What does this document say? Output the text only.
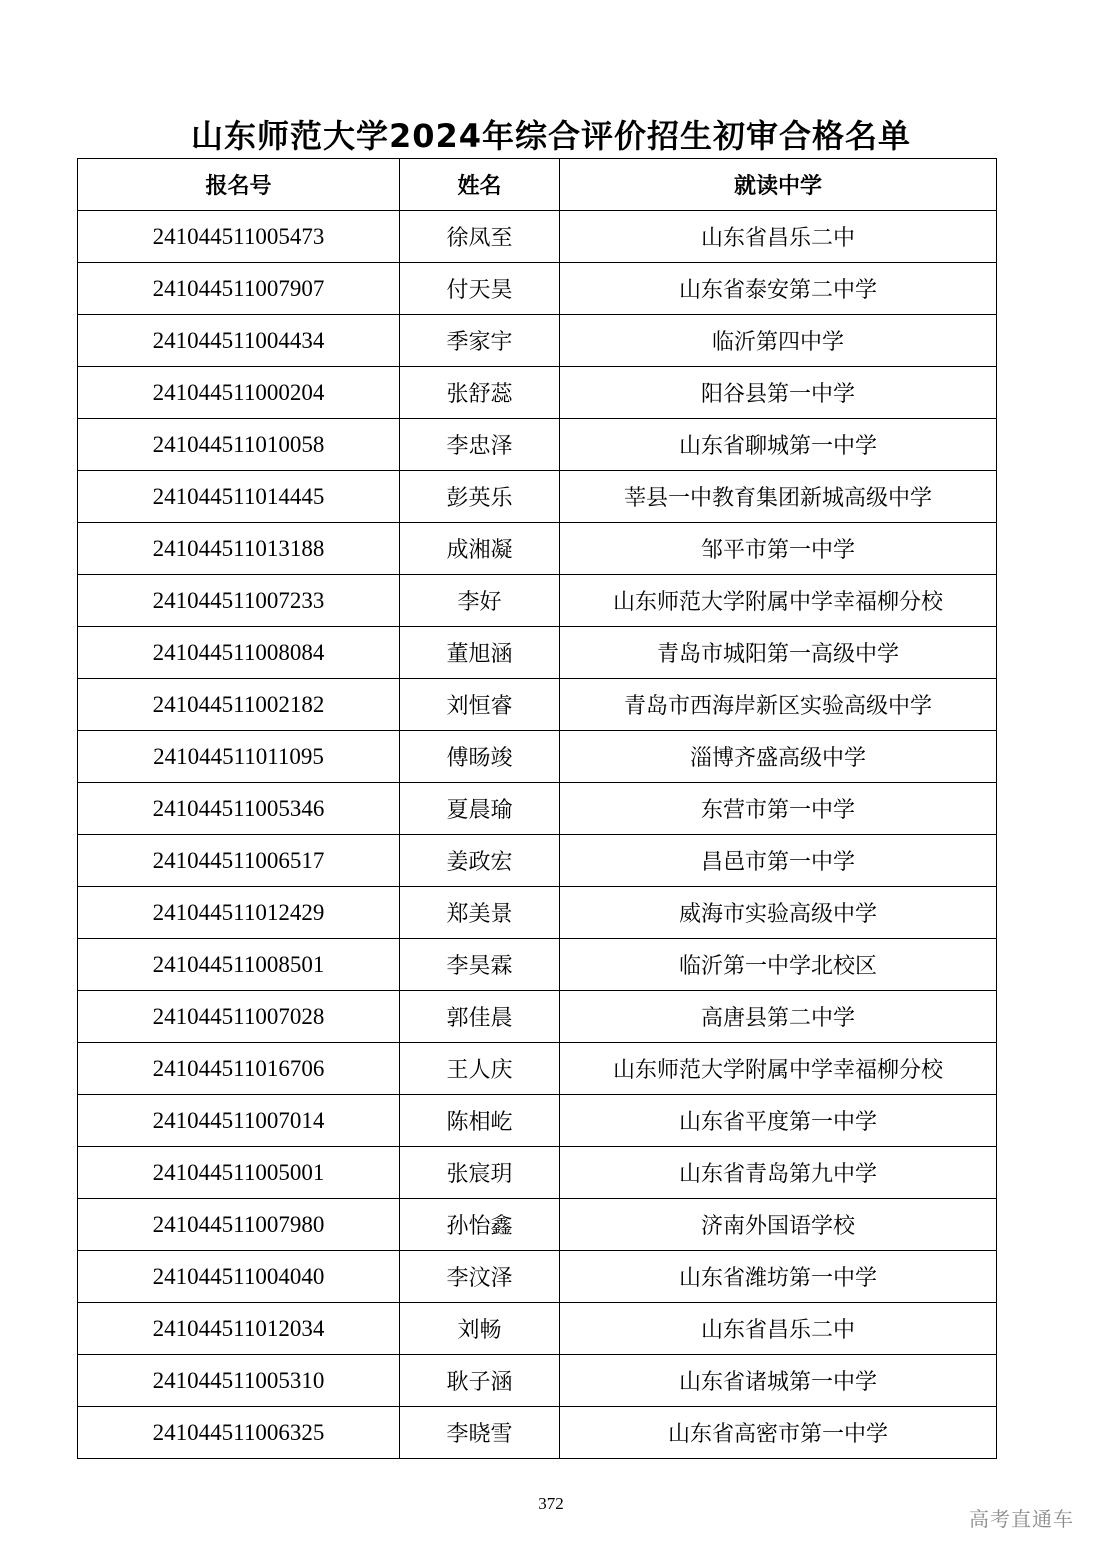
山东师范大学2024年综合评价招生初审合格名单
报名号	姓名	就读中学
241044511005473	徐凤至	山东省昌乐二中
241044511007907	付天昊	山东省泰安第二中学
241044511004434	季家宇	临沂第四中学
241044511000204	张舒蕊	阳谷县第一中学
241044511010058	李忠泽	山东省聊城第一中学
241044511014445	彭英乐	莘县一中教育集团新城高级中学
241044511013188	成湘凝	邹平市第一中学
241044511007233	李好	山东师范大学附属中学幸福柳分校
241044511008084	董旭涵	青岛市城阳第一高级中学
241044511002182	刘恒睿	青岛市西海岸新区实验高级中学
241044511011095	傅旸竣	淄博齐盛高级中学
241044511005346	夏晨瑜	东营市第一中学
241044511006517	姜政宏	昌邑市第一中学
241044511012429	郑美景	威海市实验高级中学
241044511008501	李昊霖	临沂第一中学北校区
241044511007028	郭佳晨	高唐县第二中学
241044511016706	王人庆	山东师范大学附属中学幸福柳分校
241044511007014	陈相屹	山东省平度第一中学
241044511005001	张宸玥	山东省青岛第九中学
241044511007980	孙怡鑫	济南外国语学校
241044511004040	李汶泽	山东省潍坊第一中学
241044511012034	刘畅	山东省昌乐二中
241044511005310	耿子涵	山东省诸城第一中学
241044511006325	李晓雪	山东省高密市第一中学
372
高考直通车
